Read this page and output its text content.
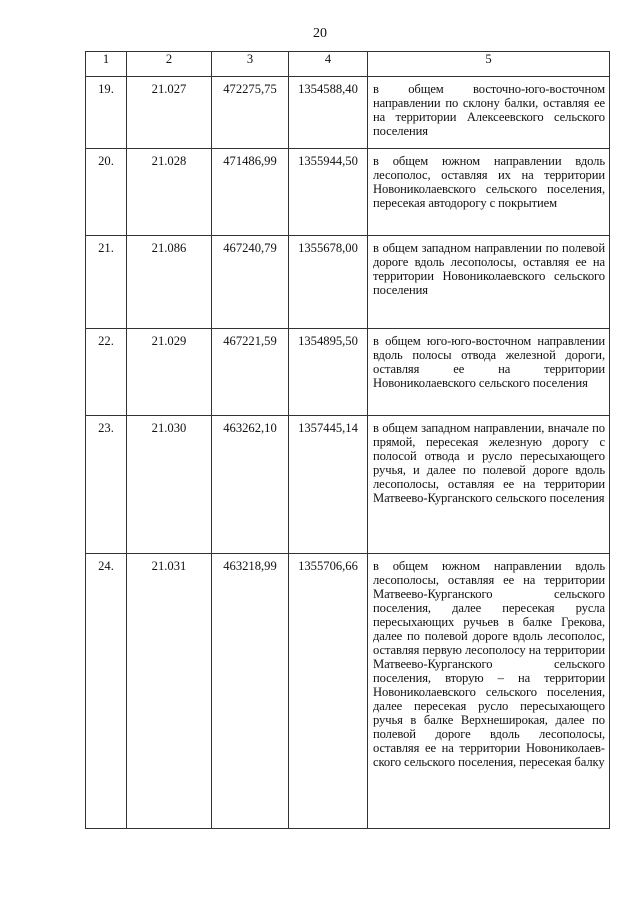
20
1	2	3	4	5
19.	21.027	472275,75	1354588,40	в общем восточно-юго-восточном направлении по склону балки, оставляя ее на территории Алексеевского сельского поселения
20.	21.028	471486,99	1355944,50	в общем южном направлении вдоль лесополос, оставляя их на территории Новониколаевского сельского поселения, пересекая автодорогу с покрытием
21.	21.086	467240,79	1355678,00	в общем западном направлении по полевой дороге вдоль лесополосы, оставляя ее на территории Новониколаевского сельского поселения
22.	21.029	467221,59	1354895,50	в общем юго-юго-восточном направлении вдоль полосы отвода железной дороги, оставляя ее на территории Новониколаевского сельского поселения
23.	21.030	463262,10	1357445,14	в общем западном направлении, вначале по прямой, пересекая железную дорогу с полосой отвода и русло пересыхающего ручья, и далее по полевой дороге вдоль лесополосы, оставляя ее на территории Матвеево-Курганского сельского поселения
24.	21.031	463218,99	1355706,66	в общем южном направлении вдоль лесополосы, оставляя ее на территории Матвеево-Курганского сельского поселения, далее пересекая русла пересыхающих ручьев в балке Грекова, далее по полевой дороге вдоль лесополос, оставляя первую лесополосу на территории Матвеево-Курганского сельского поселения, вторую – на территории Новониколаевского сельского поселения, далее пересекая русло пересыхающего ручья в балке Верхнеширокая, далее по полевой дороге вдоль лесополосы, оставляя ее на территории Новониколаевского сельского поселения, пересекая балку
